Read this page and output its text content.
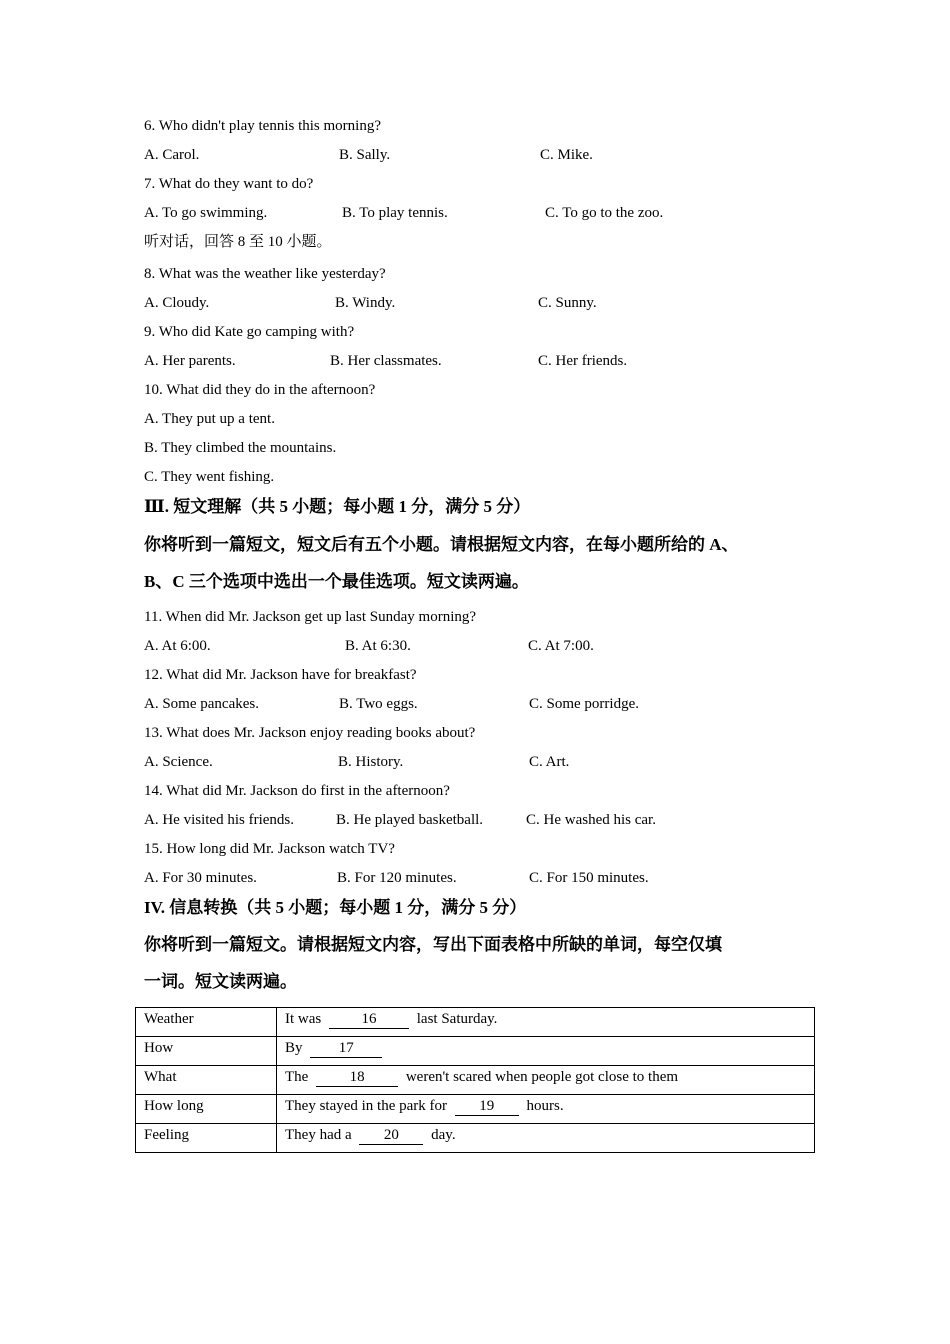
6. Who didn't play tennis this morning?
A. Carol.	B. Sally.	C. Mike.
7. What do they want to do?
A. To go swimming.	B. To play tennis.	C. To go to the zoo.
听对话，回答 8 至 10 小题。
8. What was the weather like yesterday?
A. Cloudy.	B. Windy.	C. Sunny.
9. Who did Kate go camping with?
A. Her parents.	B. Her classmates.	C. Her friends.
10. What did they do in the afternoon?
A. They put up a tent.
B. They climbed the mountains.
C. They went fishing.
Ⅲ. 短文理解（共 5 小题；每小题 1 分，满分 5 分）
你将听到一篇短文，短文后有五个小题。请根据短文内容，在每小题所给的 A、
B、C 三个选项中选出一个最佳选项。短文读两遍。
11. When did Mr. Jackson get up last Sunday morning?
A. At 6:00.	B. At 6:30.	C. At 7:00.
12. What did Mr. Jackson have for breakfast?
A. Some pancakes.	B. Two eggs.	C. Some porridge.
13. What does Mr. Jackson enjoy reading books about?
A. Science.	B. History.	C. Art.
14. What did Mr. Jackson do first in the afternoon?
A. He visited his friends.	B. He played basketball.	C. He washed his car.
15. How long did Mr. Jackson watch TV?
A. For 30 minutes.	B. For 120 minutes.	C. For 150 minutes.
IV. 信息转换（共 5 小题；每小题 1 分，满分 5 分）
你将听到一篇短文。请根据短文内容，写出下面表格中所缺的单词，每空仅填
一词。短文读两遍。
Weather	It was 16 last Saturday.
How	By 17
What	The 18 weren't scared when people got close to them
How long	They stayed in the park for 19 hours.
Feeling	They had a 20 day.
